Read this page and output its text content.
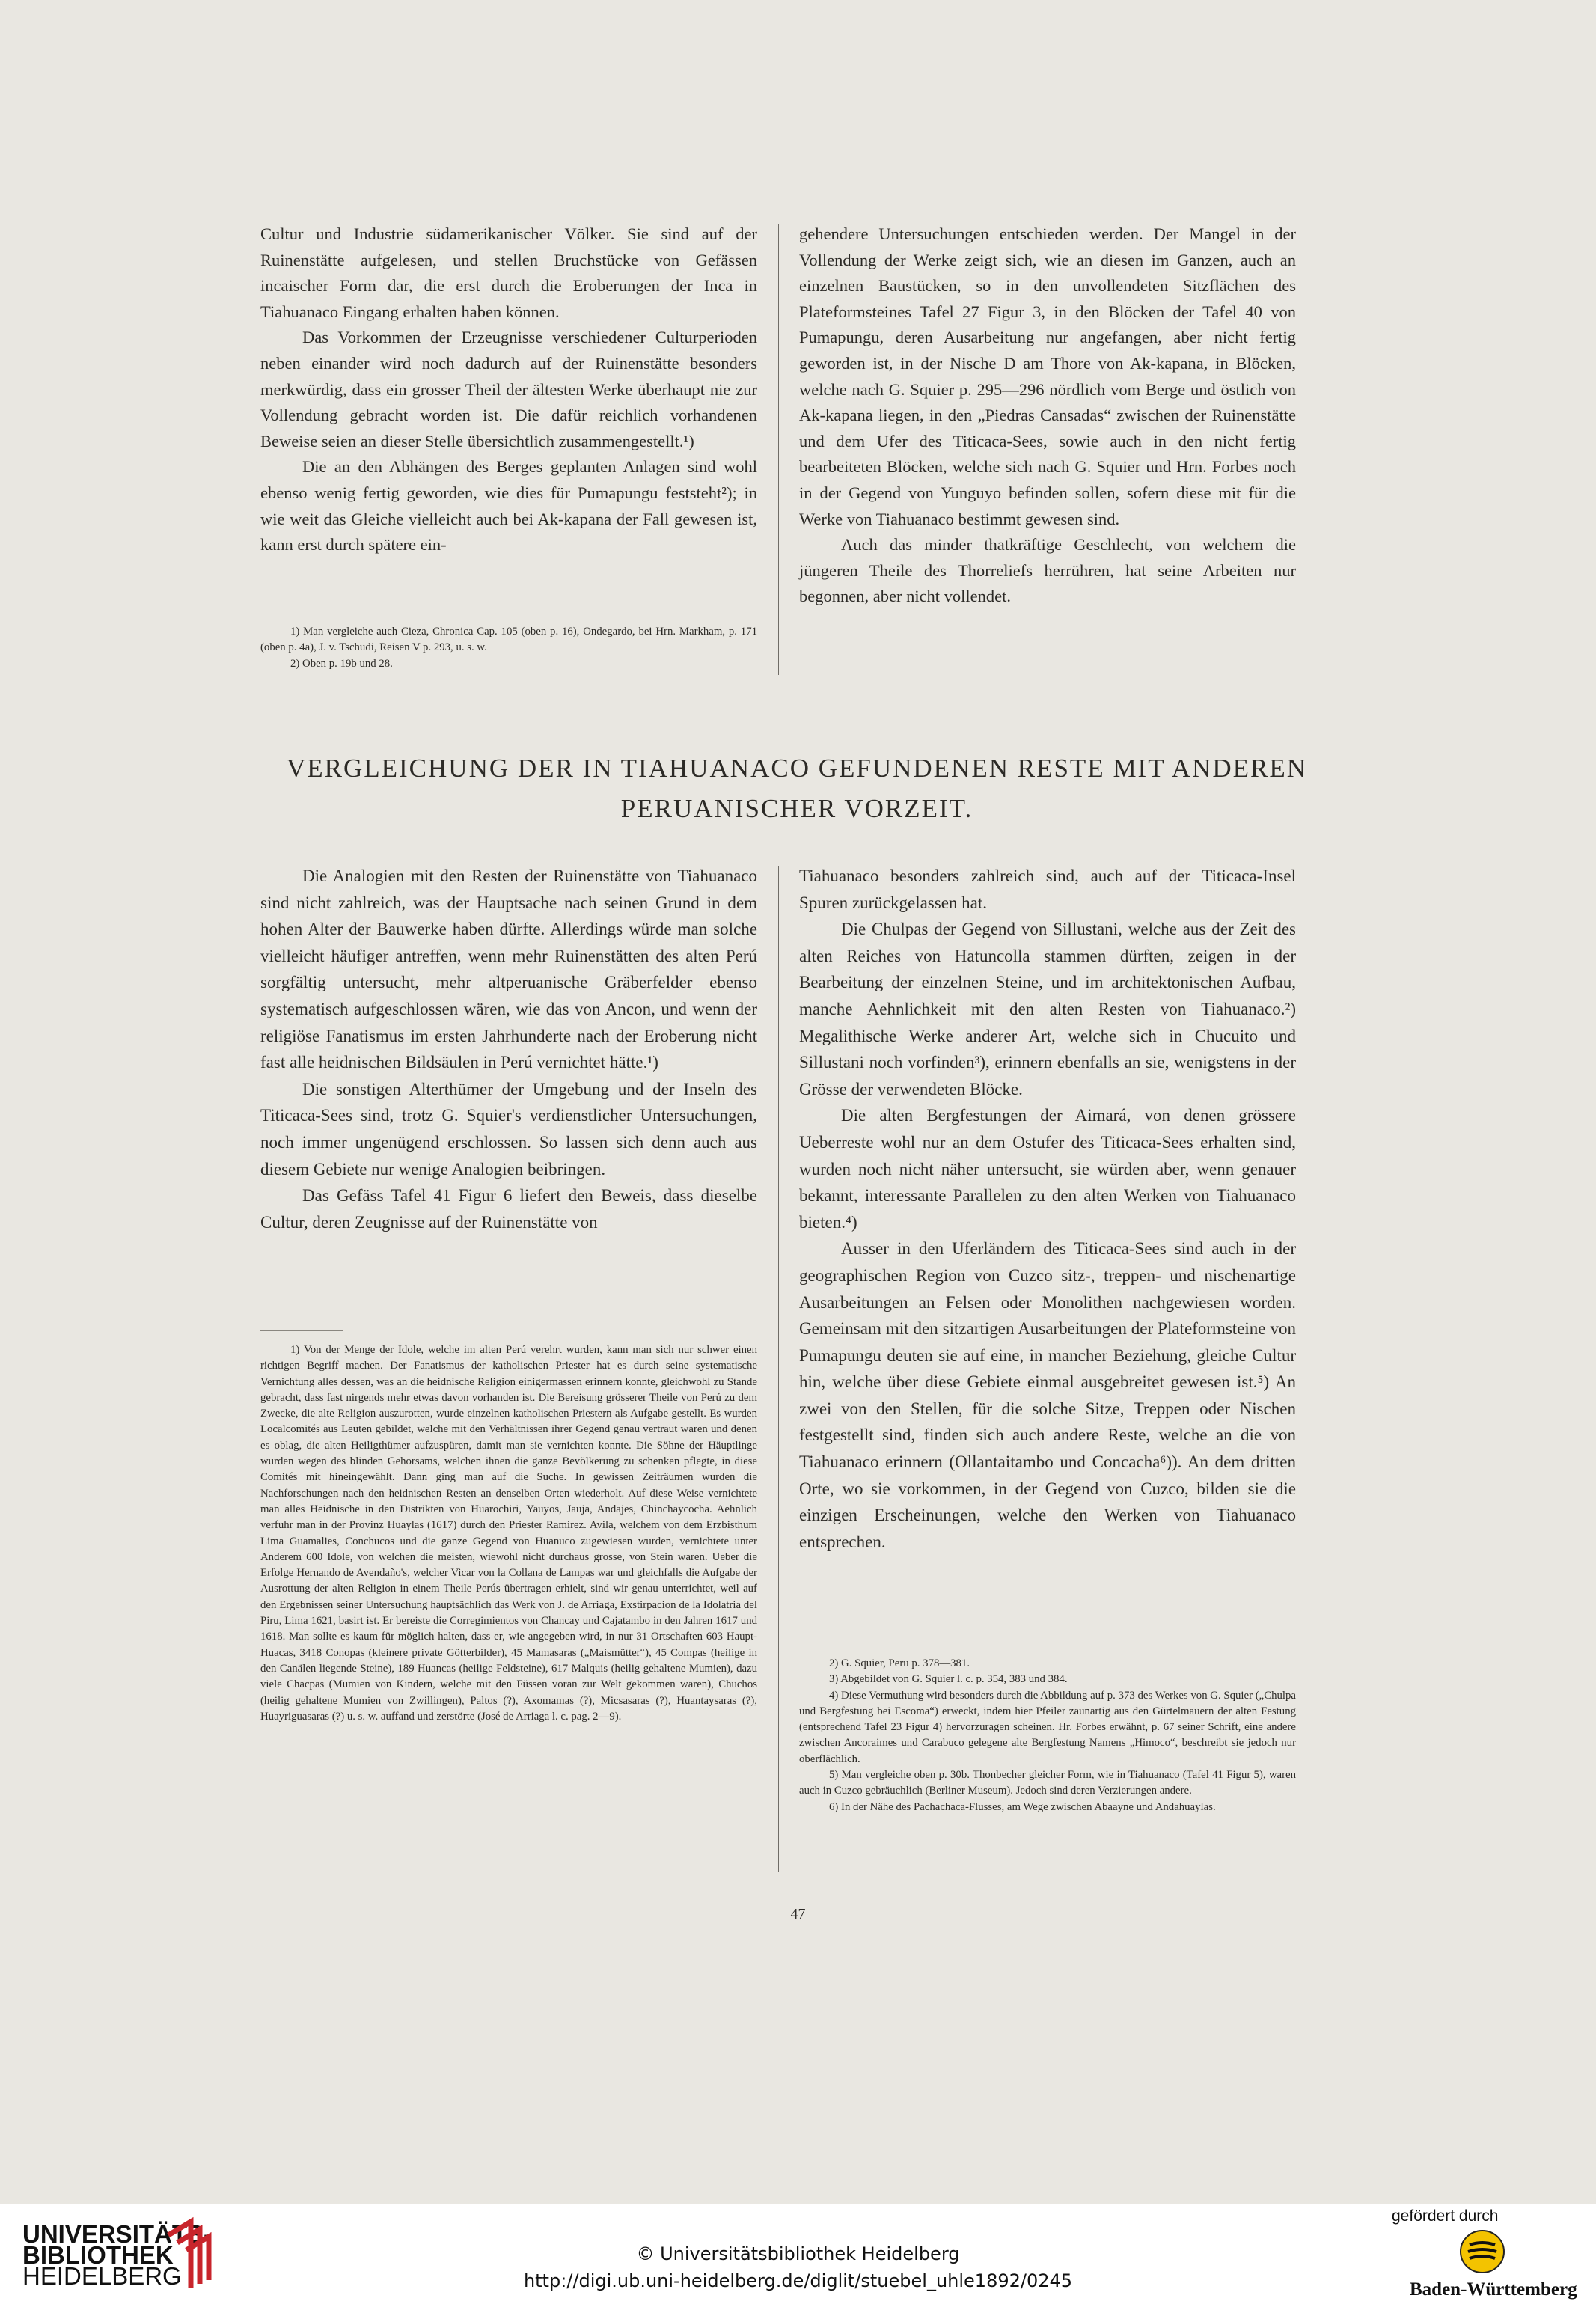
Cultur und Industrie südamerikanischer Völker. Sie sind auf der Ruinenstätte aufgelesen, und stellen Bruchstücke von Gefässen incaischer Form dar, die erst durch die Eroberungen der Inca in Tiahuanaco Eingang erhalten haben können.

Das Vorkommen der Erzeugnisse verschiedener Culturperioden neben einander wird noch dadurch auf der Ruinenstätte besonders merkwürdig, dass ein grosser Theil der ältesten Werke überhaupt nie zur Vollendung gebracht worden ist. Die dafür reichlich vorhandenen Beweise seien an dieser Stelle übersichtlich zusammengestellt.¹)

Die an den Abhängen des Berges geplanten Anlagen sind wohl ebenso wenig fertig geworden, wie dies für Pumapungu feststeht²); in wie weit das Gleiche vielleicht auch bei Ak-kapana der Fall gewesen ist, kann erst durch spätere ein-

1) Man vergleiche auch Cieza, Chronica Cap. 105 (oben p. 16), Ondegardo, bei Hrn. Markham, p. 171 (oben p. 4a), J. v. Tschudi, Reisen V p. 293, u. s. w.

2) Oben p. 19b und 28.

gehendere Untersuchungen entschieden werden. Der Mangel in der Vollendung der Werke zeigt sich, wie an diesen im Ganzen, auch an einzelnen Baustücken, so in den unvollendeten Sitzflächen des Plateformsteines Tafel 27 Figur 3, in den Blöcken der Tafel 40 von Pumapungu, deren Ausarbeitung nur angefangen, aber nicht fertig geworden ist, in der Nische D am Thore von Ak-kapana, in Blöcken, welche nach G. Squier p. 295—296 nördlich vom Berge und östlich von Ak-kapana liegen, in den „Piedras Cansadas“ zwischen der Ruinenstätte und dem Ufer des Titicaca-Sees, sowie auch in den nicht fertig bearbeiteten Blöcken, welche sich nach G. Squier und Hrn. Forbes noch in der Gegend von Yunguyo befinden sollen, sofern diese mit für die Werke von Tiahuanaco bestimmt gewesen sind.

Auch das minder thatkräftige Geschlecht, von welchem die jüngeren Theile des Thorreliefs herrühren, hat seine Arbeiten nur begonnen, aber nicht vollendet.

VERGLEICHUNG DER IN TIAHUANACO GEFUNDENEN RESTE MIT ANDEREN
PERUANISCHER VORZEIT.

Die Analogien mit den Resten der Ruinenstätte von Tiahuanaco sind nicht zahlreich, was der Hauptsache nach seinen Grund in dem hohen Alter der Bauwerke haben dürfte. Allerdings würde man solche vielleicht häufiger antreffen, wenn mehr Ruinenstätten des alten Perú sorgfältig untersucht, mehr altperuanische Gräberfelder ebenso systematisch aufgeschlossen wären, wie das von Ancon, und wenn der religiöse Fanatismus im ersten Jahrhunderte nach der Eroberung nicht fast alle heidnischen Bildsäulen in Perú vernichtet hätte.¹)

Die sonstigen Alterthümer der Umgebung und der Inseln des Titicaca-Sees sind, trotz G. Squier's verdienstlicher Untersuchungen, noch immer ungenügend erschlossen. So lassen sich denn auch aus diesem Gebiete nur wenige Analogien beibringen.

Das Gefäss Tafel 41 Figur 6 liefert den Beweis, dass dieselbe Cultur, deren Zeugnisse auf der Ruinenstätte von

1) Von der Menge der Idole, welche im alten Perú verehrt wurden, kann man sich nur schwer einen richtigen Begriff machen. Der Fanatismus der katholischen Priester hat es durch seine systematische Vernichtung alles dessen, was an die heidnische Religion einigermassen erinnern konnte, gleichwohl zu Stande gebracht, dass fast nirgends mehr etwas davon vorhanden ist. Die Bereisung grösserer Theile von Perú zu dem Zwecke, die alte Religion auszurotten, wurde einzelnen katholischen Priestern als Aufgabe gestellt. Es wurden Localcomités aus Leuten gebildet, welche mit den Verhältnissen ihrer Gegend genau vertraut waren und denen es oblag, die alten Heiligthümer aufzuspüren, damit man sie vernichten konnte. Die Söhne der Häuptlinge wurden wegen des blinden Gehorsams, welchen ihnen die ganze Bevölkerung zu schenken pflegte, in diese Comités mit hineingewählt. Dann ging man auf die Suche. In gewissen Zeiträumen wurden die Nachforschungen nach den heidnischen Resten an denselben Orten wiederholt. Auf diese Weise vernichtete man alles Heidnische in den Distrikten von Huarochiri, Yauyos, Jauja, Andajes, Chinchaycocha. Aehnlich verfuhr man in der Provinz Huaylas (1617) durch den Priester Ramirez. Avila, welchem von dem Erzbisthum Lima Guamalies, Conchucos und die ganze Gegend von Huanuco zugewiesen wurden, vernichtete unter Anderem 600 Idole, von welchen die meisten, wiewohl nicht durchaus grosse, von Stein waren. Ueber die Erfolge Hernando de Avendaño's, welcher Vicar von la Collana de Lampas war und gleichfalls die Aufgabe der Ausrottung der alten Religion in einem Theile Perús übertragen erhielt, sind wir genau unterrichtet, weil auf den Ergebnissen seiner Untersuchung hauptsächlich das Werk von J. de Arriaga, Exstirpacion de la Idolatria del Piru, Lima 1621, basirt ist. Er bereiste die Corregimientos von Chancay und Cajatambo in den Jahren 1617 und 1618. Man sollte es kaum für möglich halten, dass er, wie angegeben wird, in nur 31 Ortschaften 603 Haupt-Huacas, 3418 Conopas (kleinere private Götterbilder), 45 Mamasaras („Maismütter“), 45 Compas (heilige in den Canälen liegende Steine), 189 Huancas (heilige Feldsteine), 617 Malquis (heilig gehaltene Mumien), dazu viele Chacpas (Mumien von Kindern, welche mit den Füssen voran zur Welt gekommen waren), Chuchos (heilig gehaltene Mumien von Zwillingen), Paltos (?), Axomamas (?), Micsasaras (?), Huantaysaras (?), Huayriguasaras (?) u. s. w. auffand und zerstörte (José de Arriaga l. c. pag. 2—9).

Tiahuanaco besonders zahlreich sind, auch auf der Titicaca-Insel Spuren zurückgelassen hat.

Die Chulpas der Gegend von Sillustani, welche aus der Zeit des alten Reiches von Hatuncolla stammen dürften, zeigen in der Bearbeitung der einzelnen Steine, und im architektonischen Aufbau, manche Aehnlichkeit mit den alten Resten von Tiahuanaco.²) Megalithische Werke anderer Art, welche sich in Chucuito und Sillustani noch vorfinden³), erinnern ebenfalls an sie, wenigstens in der Grösse der verwendeten Blöcke.

Die alten Bergfestungen der Aimará, von denen grössere Ueberreste wohl nur an dem Ostufer des Titicaca-Sees erhalten sind, wurden noch nicht näher untersucht, sie würden aber, wenn genauer bekannt, interessante Parallelen zu den alten Werken von Tiahuanaco bieten.⁴)

Ausser in den Uferländern des Titicaca-Sees sind auch in der geographischen Region von Cuzco sitz-, treppen- und nischenartige Ausarbeitungen an Felsen oder Monolithen nachgewiesen worden. Gemeinsam mit den sitzartigen Ausarbeitungen der Plateformsteine von Pumapungu deuten sie auf eine, in mancher Beziehung, gleiche Cultur hin, welche über diese Gebiete einmal ausgebreitet gewesen ist.⁵) An zwei von den Stellen, für die solche Sitze, Treppen oder Nischen festgestellt sind, finden sich auch andere Reste, welche an die von Tiahuanaco erinnern (Ollantaitambo und Concacha⁶)). An dem dritten Orte, wo sie vorkommen, in der Gegend von Cuzco, bilden sie die einzigen Erscheinungen, welche den Werken von Tiahuanaco entsprechen.

2) G. Squier, Peru p. 378—381.

3) Abgebildet von G. Squier l. c. p. 354, 383 und 384.

4) Diese Vermuthung wird besonders durch die Abbildung auf p. 373 des Werkes von G. Squier („Chulpa und Bergfestung bei Escoma“) erweckt, indem hier Pfeiler zaunartig aus den Gürtelmauern der alten Festung (entsprechend Tafel 23 Figur 4) hervorzuragen scheinen. Hr. Forbes erwähnt, p. 67 seiner Schrift, eine andere zwischen Ancoraimes und Carabuco gelegene alte Bergfestung Namens „Himoco“, beschreibt sie jedoch nur oberflächlich.

5) Man vergleiche oben p. 30b. Thonbecher gleicher Form, wie in Tiahuanaco (Tafel 41 Figur 5), waren auch in Cuzco gebräuchlich (Berliner Museum). Jedoch sind deren Verzierungen andere.

6) In der Nähe des Pachachaca-Flusses, am Wege zwischen Abaayne und Andahuaylas.

47
UNIVERSITÄTS-
BIBLIOTHEK
HEIDELBERG
© Universitätsbibliothek Heidelberg
http://digi.ub.uni-heidelberg.de/diglit/stuebel_uhle1892/0245
gefördert durch
Baden-Württemberg
